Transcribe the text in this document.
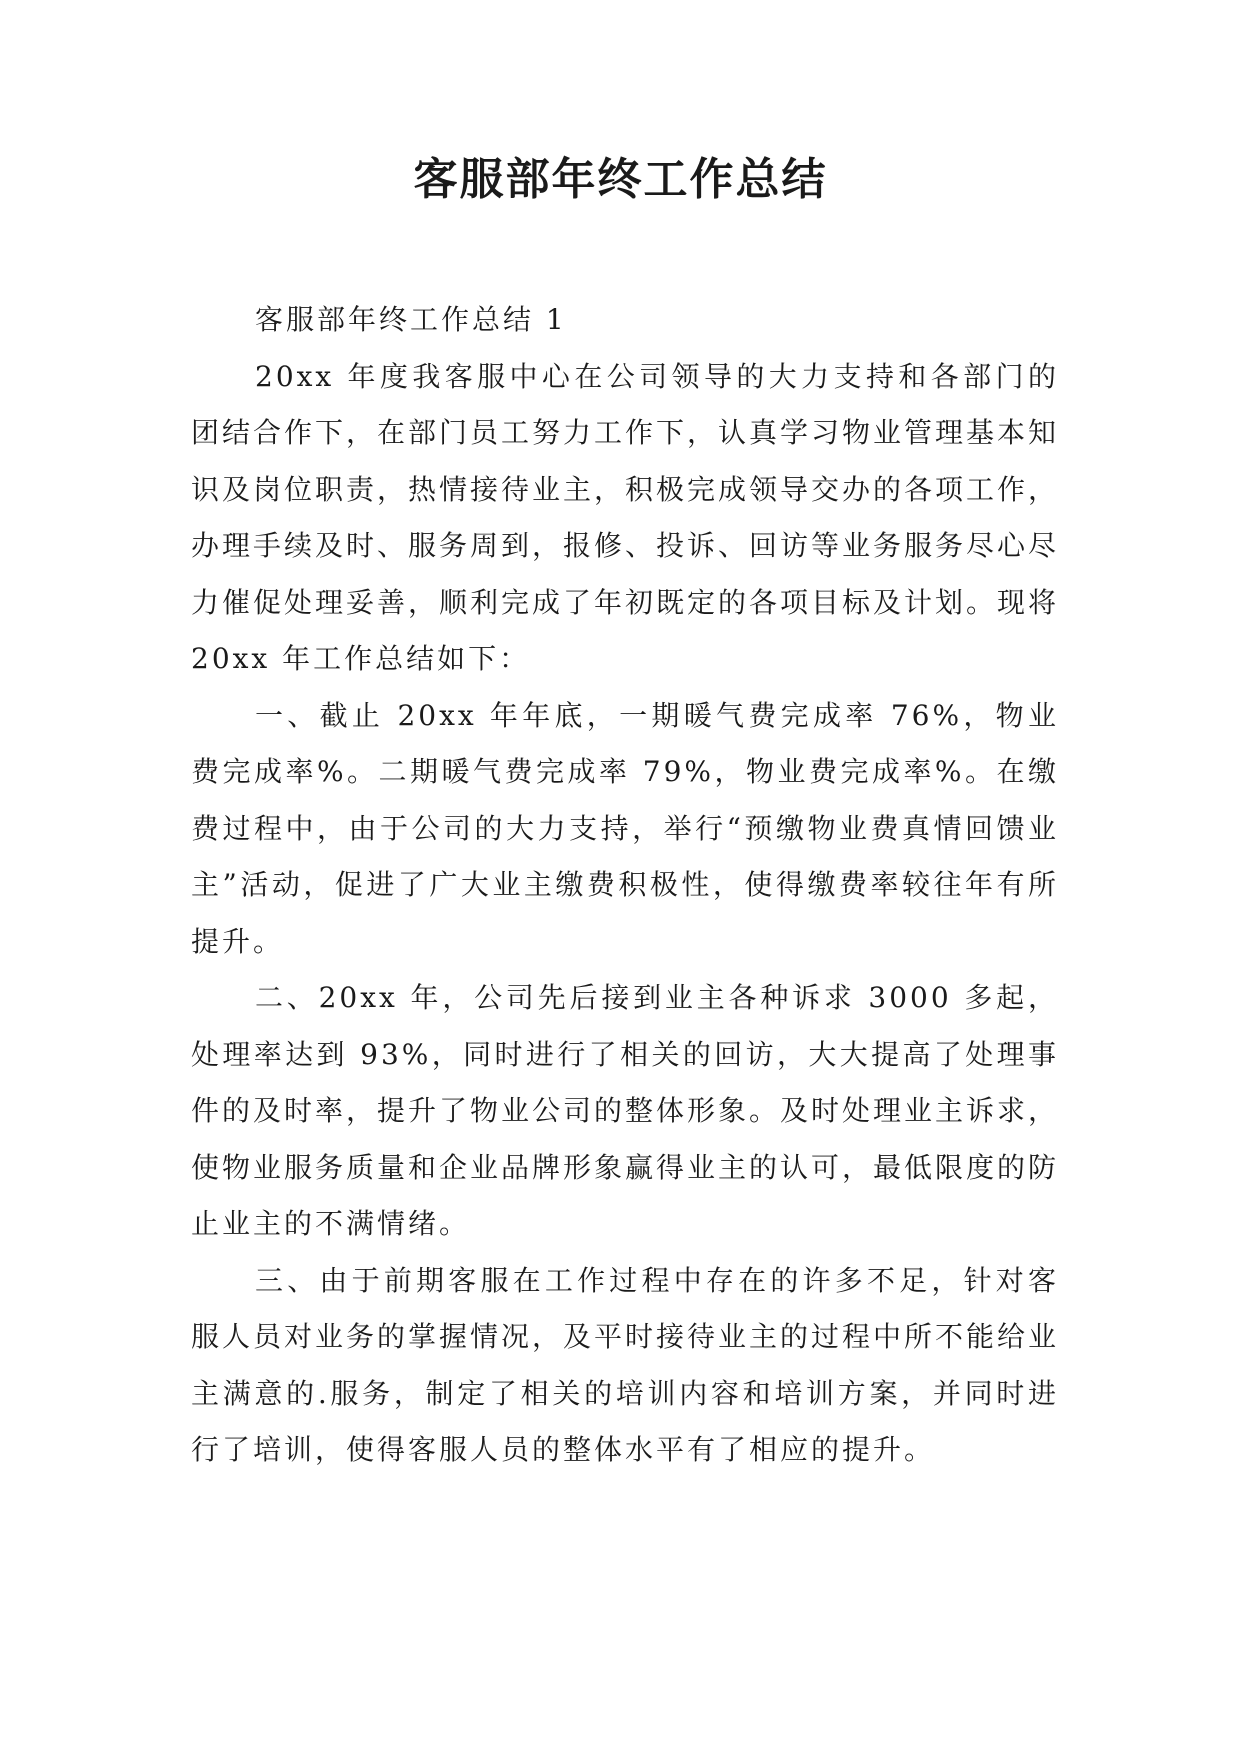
客服部年终工作总结

客服部年终工作总结 1

20xx 年度我客服中心在公司领导的大力支持和各部门的团结合作下，在部门员工努力工作下，认真学习物业管理基本知识及岗位职责，热情接待业主，积极完成领导交办的各项工作，办理手续及时、服务周到，报修、投诉、回访等业务服务尽心尽力催促处理妥善，顺利完成了年初既定的各项目标及计划。现将 20xx 年工作总结如下：

一、截止 20xx 年年底，一期暖气费完成率 76%，物业费完成率%。二期暖气费完成率 79%，物业费完成率%。在缴费过程中，由于公司的大力支持，举行“预缴物业费真情回馈业主”活动，促进了广大业主缴费积极性，使得缴费率较往年有所提升。

二、20xx 年，公司先后接到业主各种诉求 3000 多起，处理率达到 93%，同时进行了相关的回访，大大提高了处理事件的及时率，提升了物业公司的整体形象。及时处理业主诉求，使物业服务质量和企业品牌形象赢得业主的认可，最低限度的防止业主的不满情绪。

三、由于前期客服在工作过程中存在的许多不足，针对客服人员对业务的掌握情况，及平时接待业主的过程中所不能给业主满意的.服务，制定了相关的培训内容和培训方案，并同时进行了培训，使得客服人员的整体水平有了相应的提升。
